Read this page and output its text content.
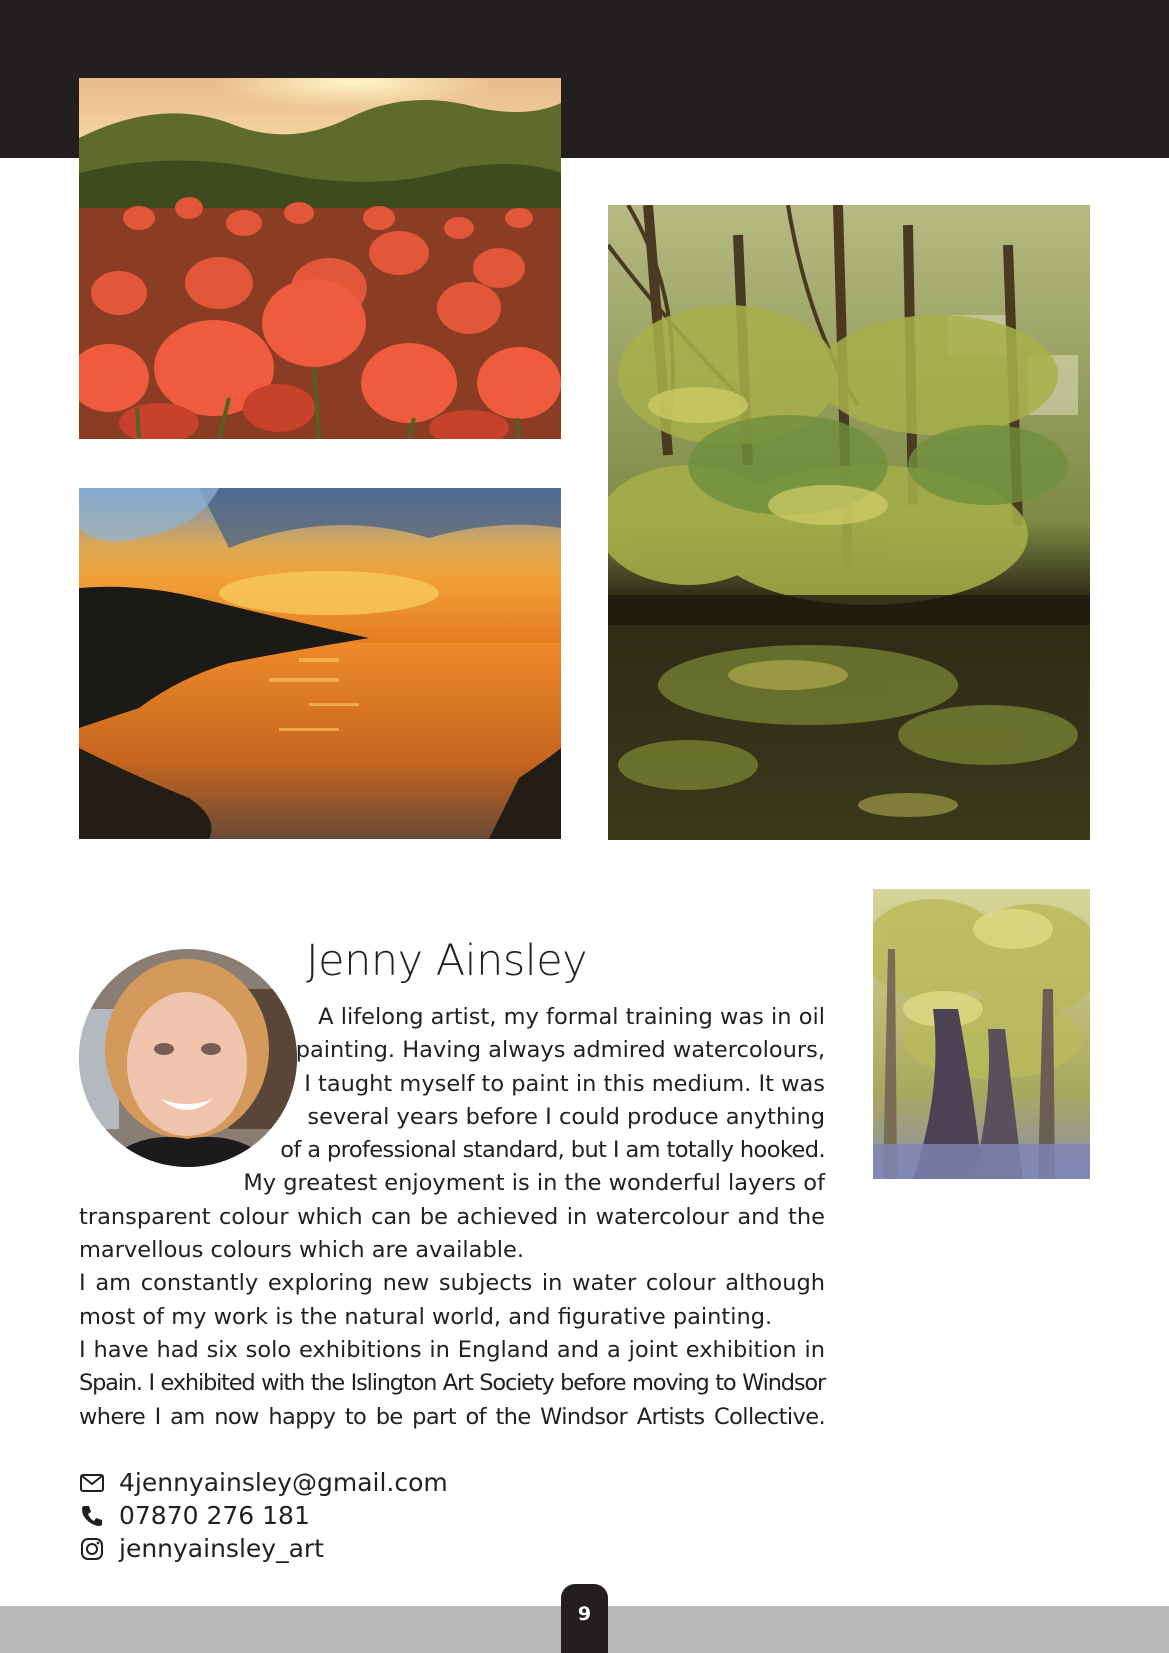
Jenny Ainsley
A lifelong artist, my formal training was in oil
painting. Having always admired watercolours,
I taught myself to paint in this medium. It was
several years before I could produce anything
of a professional standard, but I am totally hooked.
My greatest enjoyment is in the wonderful layers of
transparent colour which can be achieved in watercolour and the
marvellous colours which are available.
I am constantly exploring new subjects in water colour although
most of my work is the natural world, and figurative painting.
I have had six solo exhibitions in England and a joint exhibition in
Spain. I exhibited with the Islington Art Society before moving to Windsor
where I am now happy to be part of the Windsor Artists Collective.
4jennyainsley@gmail.com
07870 276 181
jennyainsley_art
9
